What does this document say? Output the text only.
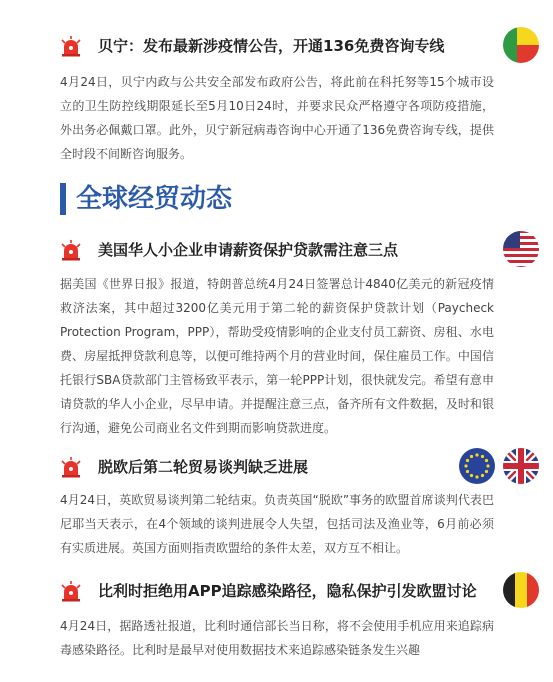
贝宁：发布最新涉疫情公告，开通136免费咨询专线

4月24日，贝宁内政与公共安全部发布政府公告，将此前在科托努等15个城市设立的卫生防控线期限延长至5月10日24时，并要求民众严格遵守各项防疫措施，外出务必佩戴口罩。此外，贝宁新冠病毒咨询中心开通了136免费咨询专线，提供全时段不间断咨询服务。

全球经贸动态
美国华人小企业申请薪资保护贷款需注意三点

据美国《世界日报》报道，特朗普总统4月24日签署总计4840亿美元的新冠疫情救济法案，其中超过3200亿美元用于第二轮的薪资保护贷款计划（Paycheck Protection Program，PPP），帮助受疫情影响的企业支付员工薪资、房租、水电费、房屋抵押贷款利息等，以便可维持两个月的营业时间，保住雇员工作。中国信托银行SBA贷款部门主管杨致平表示，第一轮PPP计划，很快就发完。希望有意申请贷款的华人小企业，尽早申请。并提醒注意三点，备齐所有文件数据，及时和银行沟通，避免公司商业名文件到期而影响贷款进度。

脱欧后第二轮贸易谈判缺乏进展

4月24日，英欧贸易谈判第二轮结束。负责英国“脱欧”事务的欧盟首席谈判代表巴尼耶当天表示，在4个领域的谈判进展令人失望，包括司法及渔业等，6月前必须有实质进展。英国方面则指责欧盟给的条件太差，双方互不相让。

比利时拒绝用APP追踪感染路径，隐私保护引发欧盟讨论

4月24日，据路透社报道，比利时通信部长当日称，将不会使用手机应用来追踪病毒感染路径。比利时是最早对使用数据技术来追踪感染链条发生兴趣
